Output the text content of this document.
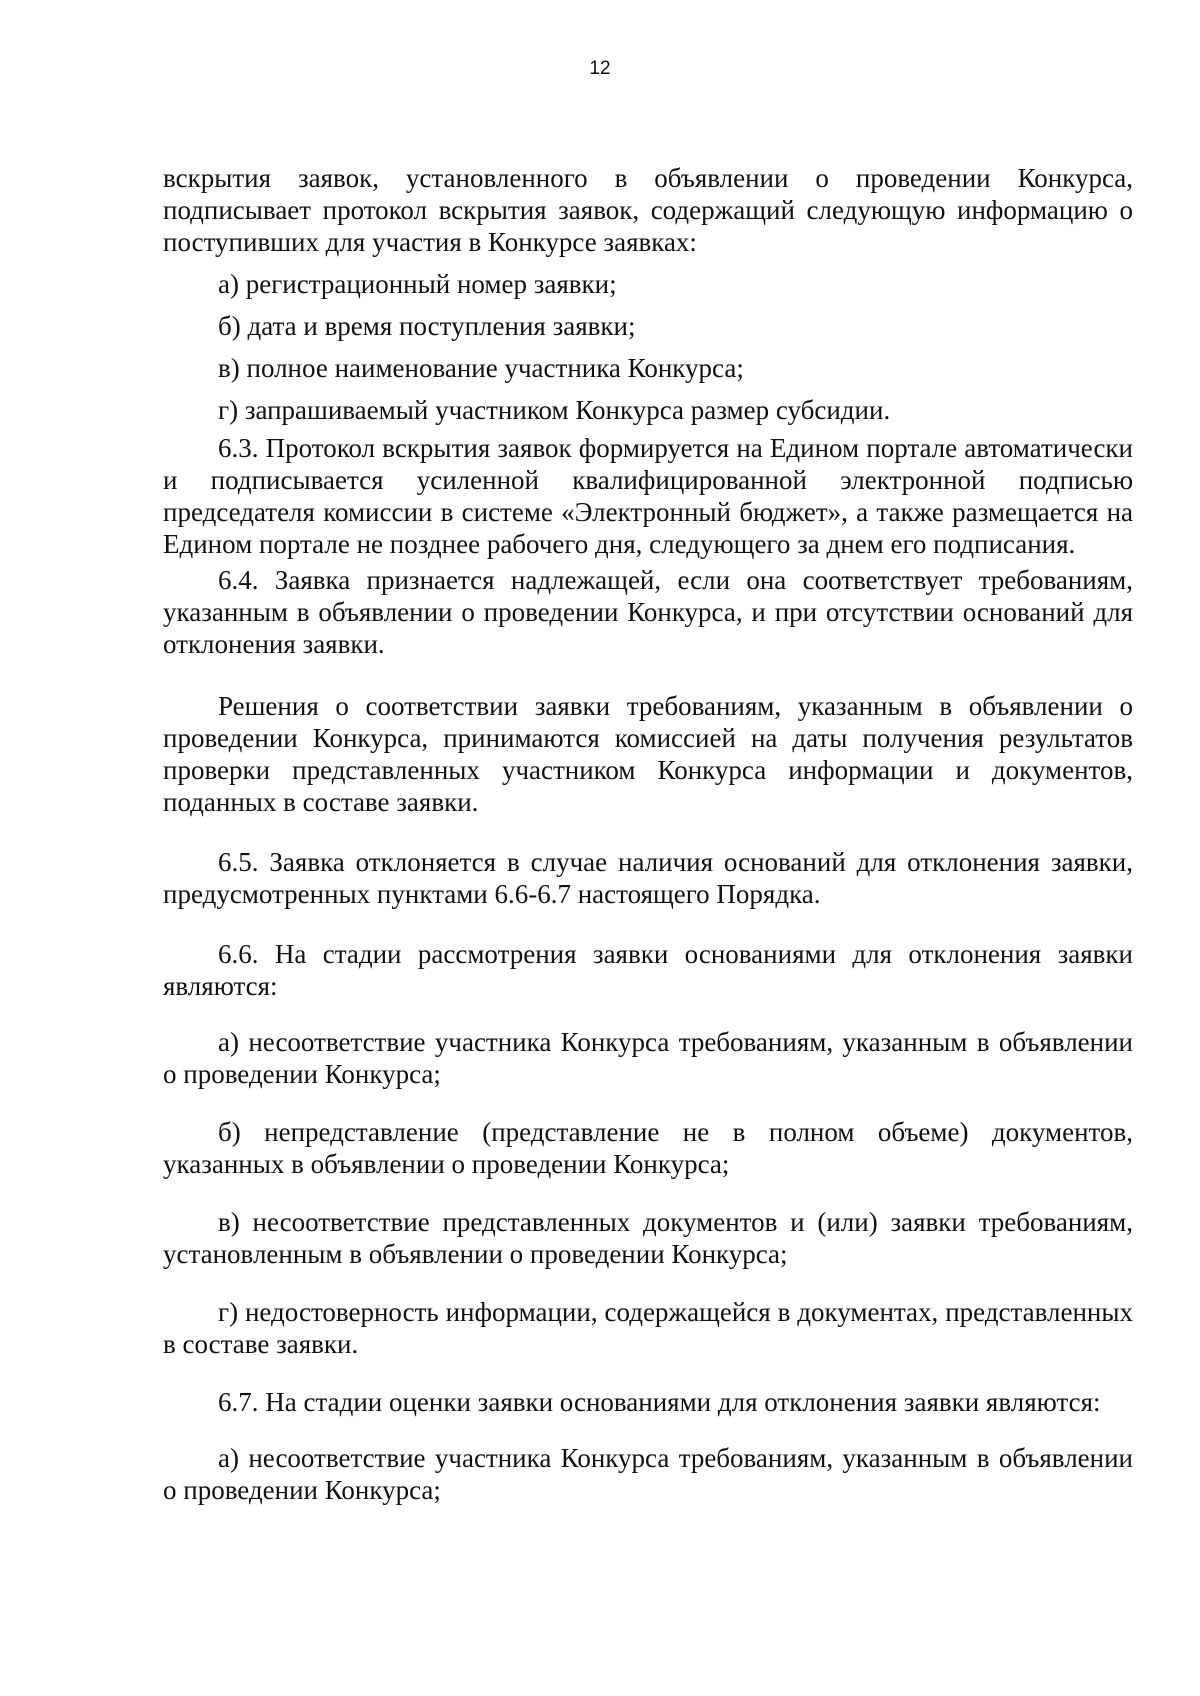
12

вскрытия заявок, установленного в объявлении о проведении Конкурса, подписывает протокол вскрытия заявок, содержащий следующую информацию о поступивших для участия в Конкурсе заявках:

а) регистрационный номер заявки;

б) дата и время поступления заявки;

в) полное наименование участника Конкурса;

г) запрашиваемый участником Конкурса размер субсидии.

6.3. Протокол вскрытия заявок формируется на Едином портале автоматически и подписывается усиленной квалифицированной электронной подписью председателя комиссии в системе «Электронный бюджет», а также размещается на Едином портале не позднее рабочего дня, следующего за днем его подписания.

6.4. Заявка признается надлежащей, если она соответствует требованиям, указанным в объявлении о проведении Конкурса, и при отсутствии оснований для отклонения заявки.

Решения о соответствии заявки требованиям, указанным в объявлении о проведении Конкурса, принимаются комиссией на даты получения результатов проверки представленных участником Конкурса информации и документов, поданных в составе заявки.

6.5. Заявка отклоняется в случае наличия оснований для отклонения заявки, предусмотренных пунктами 6.6-6.7 настоящего Порядка.

6.6. На стадии рассмотрения заявки основаниями для отклонения заявки являются:

а) несоответствие участника Конкурса требованиям, указанным в объявлении о проведении Конкурса;

б) непредставление (представление не в полном объеме) документов, указанных в объявлении о проведении Конкурса;

в) несоответствие представленных документов и (или) заявки требованиям, установленным в объявлении о проведении Конкурса;

г) недостоверность информации, содержащейся в документах, представленных в составе заявки.

6.7. На стадии оценки заявки основаниями для отклонения заявки являются:

а) несоответствие участника Конкурса требованиям, указанным в объявлении о проведении Конкурса;
